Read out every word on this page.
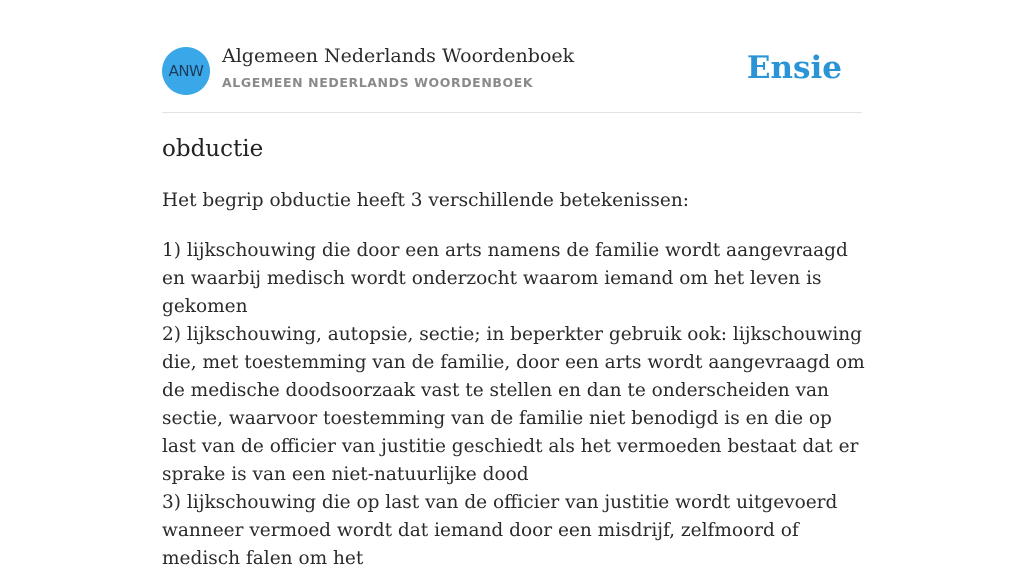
ANW
Algemeen Nederlands Woordenboek
ALGEMEEN NEDERLANDS WOORDENBOEK	Ensie
obductie

Het begrip obductie heeft 3 verschillende betekenissen:

1) lijkschouwing die door een arts namens de familie wordt aangevraagd en waarbij medisch wordt onderzocht waarom iemand om het leven is gekomen
2) lijkschouwing, autopsie, sectie; in beperkter gebruik ook: lijkschouwing die, met toestemming van de familie, door een arts wordt aangevraagd om de medische doodsoorzaak vast te stellen en dan te onderscheiden van sectie, waarvoor toestemming van de familie niet benodigd is en die op last van de officier van justitie geschiedt als het vermoeden bestaat dat er sprake is van een niet-natuurlijke dood
3) lijkschouwing die op last van de officier van justitie wordt uitgevoerd wanneer vermoed wordt dat iemand door een misdrijf, zelfmoord of medisch falen om het
